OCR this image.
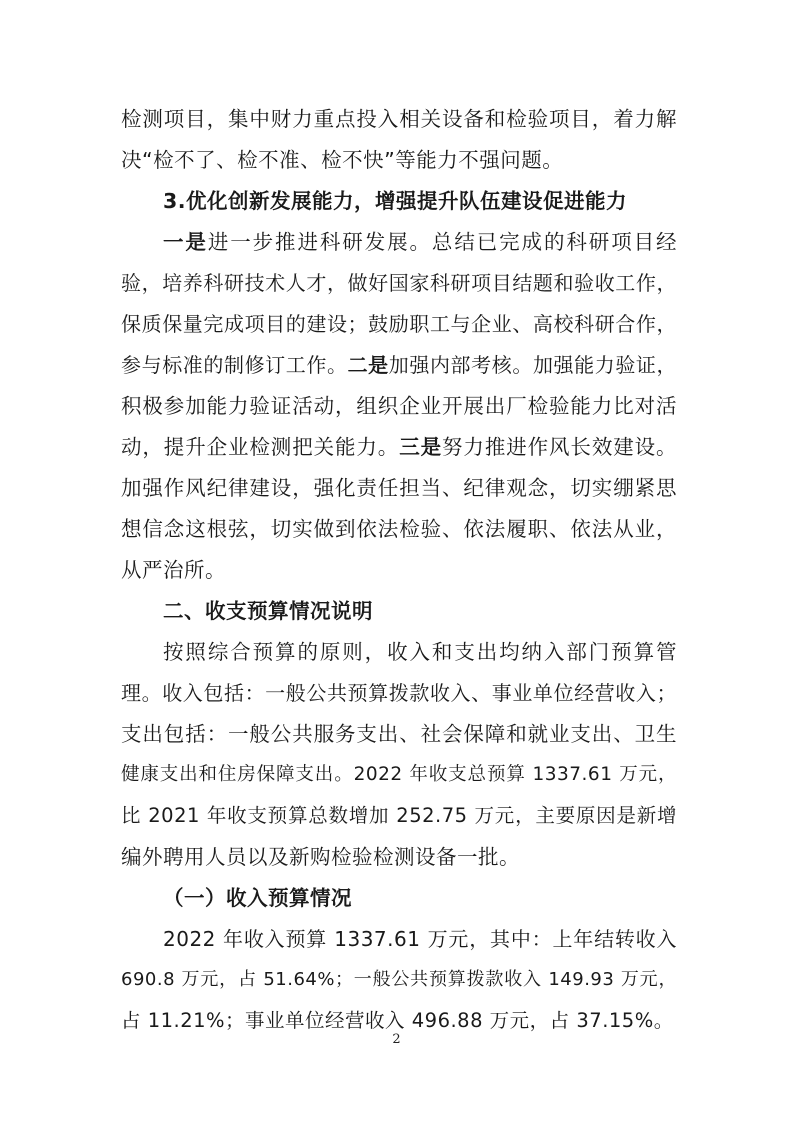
检测项目，集中财力重点投入相关设备和检验项目，着力解
决“检不了、检不准、检不快”等能力不强问题。
3.优化创新发展能力，增强提升队伍建设促进能力
一是进一步推进科研发展。总结已完成的科研项目经
验，培养科研技术人才，做好国家科研项目结题和验收工作，
保质保量完成项目的建设；鼓励职工与企业、高校科研合作，
参与标准的制修订工作。二是加强内部考核。加强能力验证，
积极参加能力验证活动，组织企业开展出厂检验能力比对活
动，提升企业检测把关能力。三是努力推进作风长效建设。
加强作风纪律建设，强化责任担当、纪律观念，切实绷紧思
想信念这根弦，切实做到依法检验、依法履职、依法从业，
从严治所。
二、收支预算情况说明
按照综合预算的原则，收入和支出均纳入部门预算管
理。收入包括：一般公共预算拨款收入、事业单位经营收入；
支出包括：一般公共服务支出、社会保障和就业支出、卫生
健康支出和住房保障支出。2022 年收支总预算 1337.61 万元，
比 2021 年收支预算总数增加 252.75 万元，主要原因是新增
编外聘用人员以及新购检验检测设备一批。
（一）收入预算情况
2022 年收入预算 1337.61 万元，其中：上年结转收入
690.8 万元，占 51.64%；一般公共预算拨款收入 149.93 万元，
占 11.21%；事业单位经营收入 496.88 万元，占 37.15%。
2
